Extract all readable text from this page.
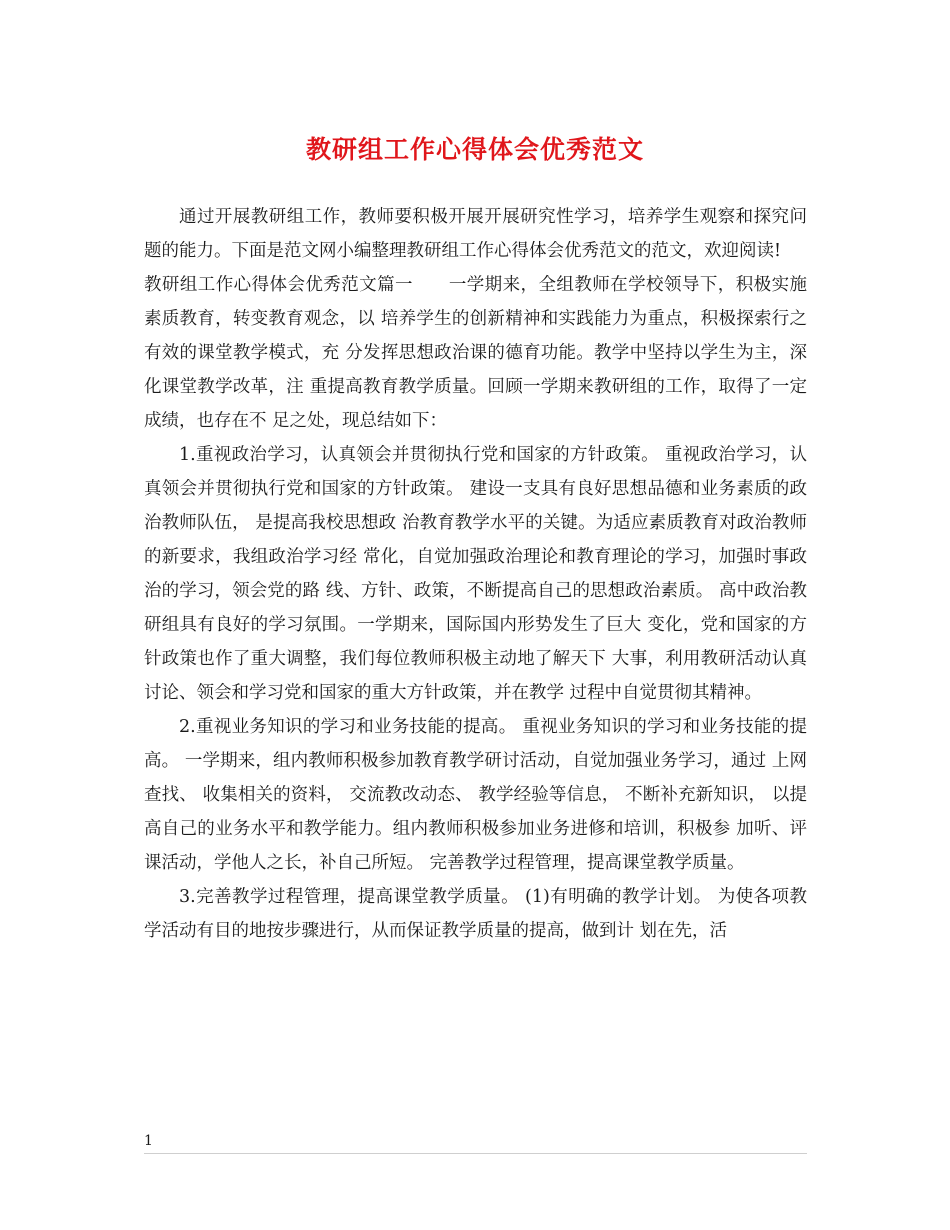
教研组工作心得体会优秀范文

通过开展教研组工作，教师要积极开展开展研究性学习，培养学生观察和探究问题的能力。下面是范文网小编整理教研组工作心得体会优秀范文的范文，欢迎阅读!

教研组工作心得体会优秀范文篇一　　一学期来，全组教师在学校领导下，积极实施素质教育，转变教育观念，以 培养学生的创新精神和实践能力为重点，积极探索行之有效的课堂教学模式，充 分发挥思想政治课的德育功能。教学中坚持以学生为主，深化课堂教学改革，注 重提高教育教学质量。回顾一学期来教研组的工作，取得了一定成绩，也存在不 足之处，现总结如下：

1.重视政治学习，认真领会并贯彻执行党和国家的方针政策。 重视政治学习，认真领会并贯彻执行党和国家的方针政策。 建设一支具有良好思想品德和业务素质的政治教师队伍， 是提高我校思想政 治教育教学水平的关键。为适应素质教育对政治教师的新要求，我组政治学习经 常化，自觉加强政治理论和教育理论的学习，加强时事政治的学习，领会党的路 线、方针、政策，不断提高自己的思想政治素质。 高中政治教研组具有良好的学习氛围。一学期来，国际国内形势发生了巨大 变化，党和国家的方针政策也作了重大调整，我们每位教师积极主动地了解天下 大事，利用教研活动认真讨论、领会和学习党和国家的重大方针政策，并在教学 过程中自觉贯彻其精神。

2.重视业务知识的学习和业务技能的提高。 重视业务知识的学习和业务技能的提高。 一学期来，组内教师积极参加教育教学研讨活动，自觉加强业务学习，通过 上网查找、 收集相关的资料， 交流教改动态、 教学经验等信息， 不断补充新知识， 以提高自己的业务水平和教学能力。组内教师积极参加业务进修和培训，积极参 加听、评课活动，学他人之长，补自己所短。 完善教学过程管理，提高课堂教学质量。

3.完善教学过程管理，提高课堂教学质量。 (1)有明确的教学计划。 为使各项教学活动有目的地按步骤进行，从而保证教学质量的提高，做到计 划在先，活

1
